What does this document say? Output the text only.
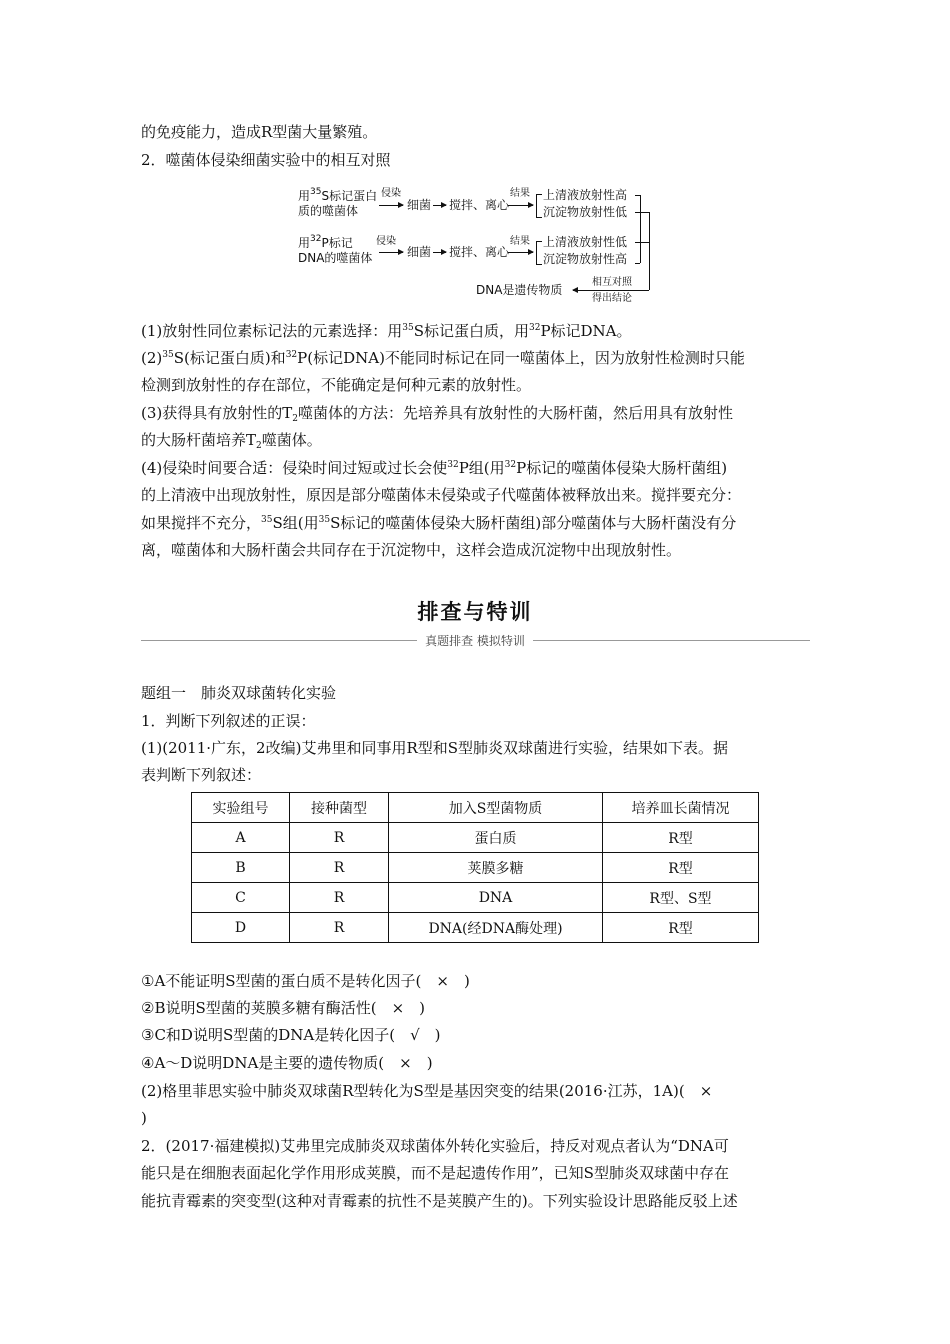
的免疫能力，造成R型菌大量繁殖。
2．噬菌体侵染细菌实验中的相互对照
用$^{35}$S标记蛋白
质的噬菌体
侵染
细菌 搅拌、离心
结果 上清液放射性高
沉淀物放射性低
用$^{32}$P标记
DNA的噬菌体
侵染
细菌 搅拌、离心
结果 上清液放射性低
沉淀物放射性高
DNA是遗传物质
相互对照
得出结论
(1)放射性同位素标记法的元素选择：用$^{35}$S标记蛋白质，用$^{32}$P标记DNA。
$(2)^{35}S$(标记蛋白质)和$^{32}$P(标记DNA)不能同时标记在同一噬菌体上，因为放射性检测时只能
检测到放射性的存在部位，不能确定是何种元素的放射性。
(3)获得具有放射性的$T_2$噬菌体的方法：先培养具有放射性的大肠杆菌，然后用具有放射性
的大肠杆菌培养$T_2$噬菌体。
(4)侵染时间要合适：侵染时间过短或过长会使$^{32}$P组(用$^{32}$P标记的噬菌体侵染大肠杆菌组)
的上清液中出现放射性，原因是部分噬菌体未侵染或子代噬菌体被释放出来。搅拌要充分：
如果搅拌不充分，$^{35}$S组(用$^{35}$S标记的噬菌体侵染大肠杆菌组)部分噬菌体与大肠杆菌没有分
离，噬菌体和大肠杆菌会共同存在于沉淀物中，这样会造成沉淀物中出现放射性。
排查与特训
真题排查 模拟特训
题组一　肺炎双球菌转化实验
1．判断下列叙述的正误：
(1)(2011·广东，2改编)艾弗里和同事用R型和S型肺炎双球菌进行实验，结果如下表。据
表判断下列叙述：
实验组号	接种菌型	加入S型菌物质	培养皿长菌情况
A	R	蛋白质	R型
B	R	荚膜多糖	R型
C	R	DNA	R型、S型
D	R	DNA(经DNA酶处理)	R型
①A不能证明S型菌的蛋白质不是转化因子(　×　)
②B说明S型菌的荚膜多糖有酶活性(　×　)
③C和D说明S型菌的DNA是转化因子(　√　)
④A～D说明DNA是主要的遗传物质(　×　)
(2)格里菲思实验中肺炎双球菌R型转化为S型是基因突变的结果(2016·江苏，1A)(　×
)
2．(2017·福建模拟)艾弗里完成肺炎双球菌体外转化实验后，持反对观点者认为“DNA可
能只是在细胞表面起化学作用形成荚膜，而不是起遗传作用”，已知S型肺炎双球菌中存在
能抗青霉素的突变型(这种对青霉素的抗性不是荚膜产生的)。下列实验设计思路能反驳上述
